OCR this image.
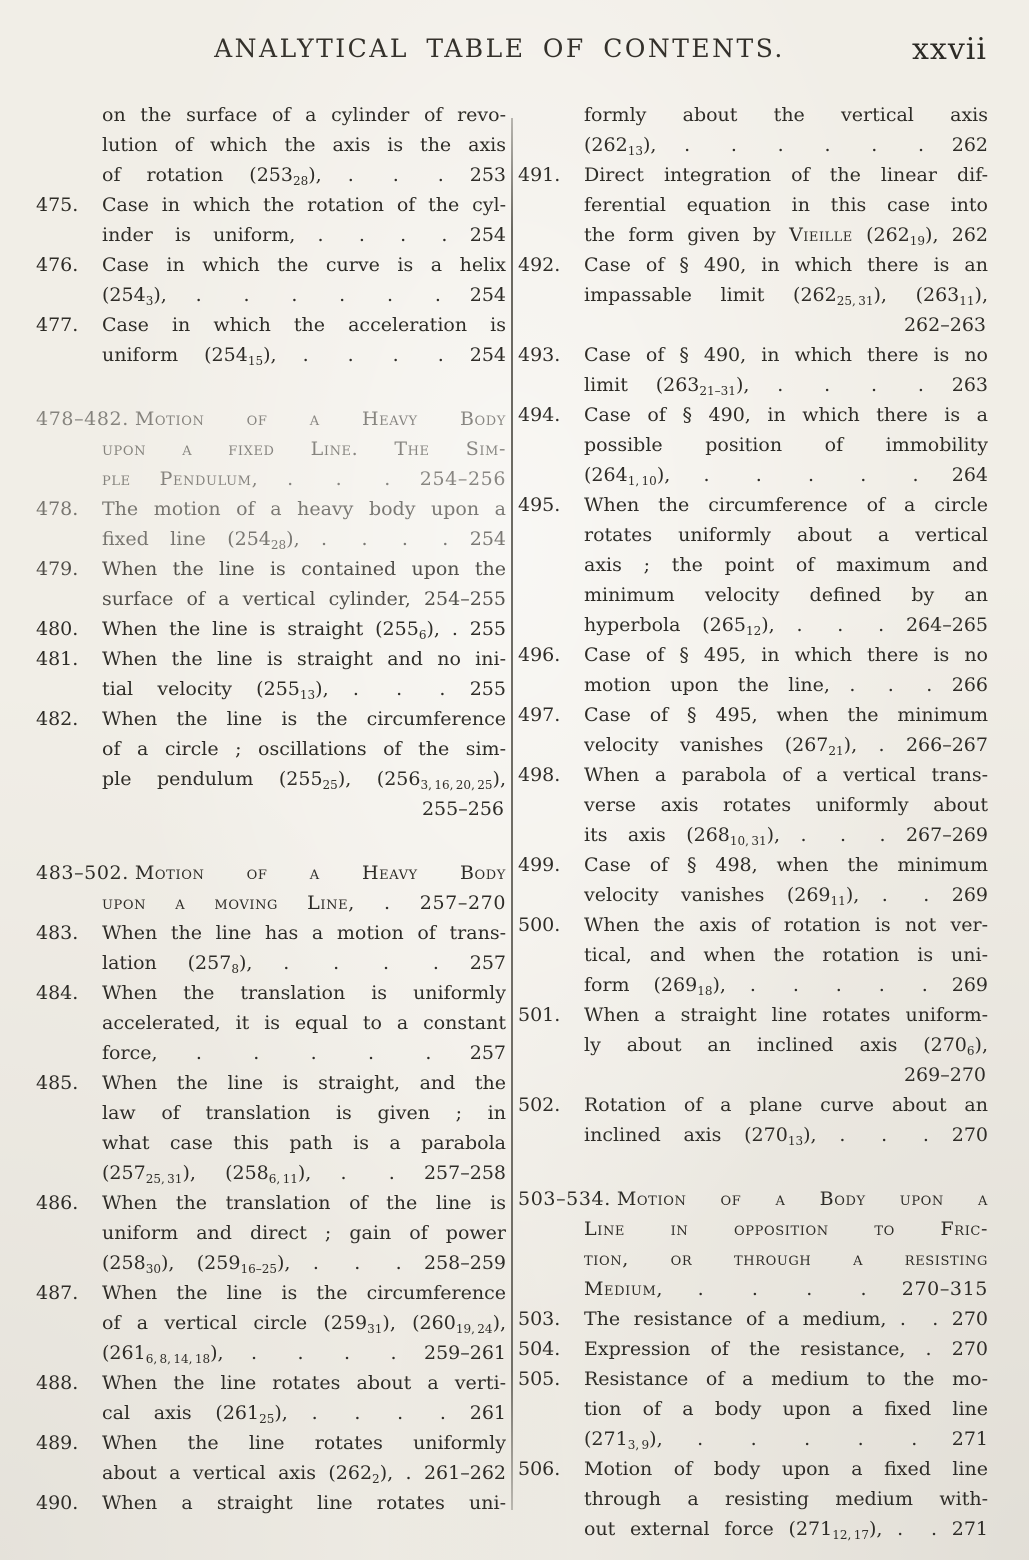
ANALYTICAL TABLE OF CONTENTS.	xxvii
on the surface of a cylinder of revo-
lution of which the axis is the axis
of rotation $(253_{28})$, . . . 253
475. Case in which the rotation of the cyl-
inder is uniform, . . . . 254
476. Case in which the curve is a helix
$(254_3)$, . . . . . . 254
477. Case in which the acceleration is
uniform $(254_{15})$, . . . . 254
478–482. Motion of a Heavy Body
upon a fixed Line. The Sim-
ple Pendulum, . . . 254–256
478. The motion of a heavy body upon a
fixed line $(254_{28})$, . . . . 254
479. When the line is contained upon the
surface of a vertical cylinder, 254–255
480. When the line is straight $(255_6)$, . 255
481. When the line is straight and no ini-
tial velocity $(255_{13})$, . . . 255
482. When the line is the circumference
of a circle ; oscillations of the sim-
ple pendulum $(255_{25})$, $(256_{3, 16, 20, 25})$,
255–256
483–502. Motion of a Heavy Body
upon a moving Line, . 257–270
483. When the line has a motion of trans-
lation $(257_8)$, . . . . 257
484. When the translation is uniformly
accelerated, it is equal to a constant
force, . . . . . 257
485. When the line is straight, and the
law of translation is given ; in
what case this path is a parabola
$(257_{25, 31})$, $(258_{6, 11})$, . . 257–258
486. When the translation of the line is
uniform and direct ; gain of power
$(258_{30})$, $(259_{16-25})$, . . . 258–259
487. When the line is the circumference
of a vertical circle $(259_{31})$, $(260_{19, 24})$,
$(261_{6, 8, 14, 18})$, . . . . 259–261
488. When the line rotates about a verti-
cal axis $(261_{25})$, . . . . 261
489. When the line rotates uniformly
about a vertical axis $(262_2)$, . 261–262
490. When a straight line rotates uni-
formly about the vertical axis
$(262_{13})$, . . . . . . 262
491. Direct integration of the linear dif-
ferential equation in this case into
the form given by Vieille $(262_{19})$, 262
492. Case of § 490, in which there is an
impassable limit $(262_{25, 31})$, $(263_{11})$,
262–263
493. Case of § 490, in which there is no
limit $(263_{21-31})$, . . . . 263
494. Case of § 490, in which there is a
possible position of immobility
$(264_{1, 10})$, . . . . . 264
495. When the circumference of a circle
rotates uniformly about a vertical
axis ; the point of maximum and
minimum velocity defined by an
hyperbola $(265_{12})$, . . . 264–265
496. Case of § 495, in which there is no
motion upon the line, . . . 266
497. Case of § 495, when the minimum
velocity vanishes $(267_{21})$, . 266–267
498. When a parabola of a vertical trans-
verse axis rotates uniformly about
its axis $(268_{10, 31})$, . . . 267–269
499. Case of § 498, when the minimum
velocity vanishes $(269_{11})$, . . 269
500. When the axis of rotation is not ver-
tical, and when the rotation is uni-
form $(269_{18})$, . . . . . 269
501. When a straight line rotates uniform-
ly about an inclined axis $(270_6)$,
269–270
502. Rotation of a plane curve about an
inclined axis $(270_{13})$, . . . 270
503–534. Motion of a Body upon a
Line in opposition to Fric-
tion, or through a resisting
Medium, . . . . 270–315
503. The resistance of a medium, . . 270
504. Expression of the resistance, . 270
505. Resistance of a medium to the mo-
tion of a body upon a fixed line
$(271_{3, 9})$, . . . . . 271
506. Motion of body upon a fixed line
through a resisting medium with-
out external force $(271_{12, 17})$, . . 271
